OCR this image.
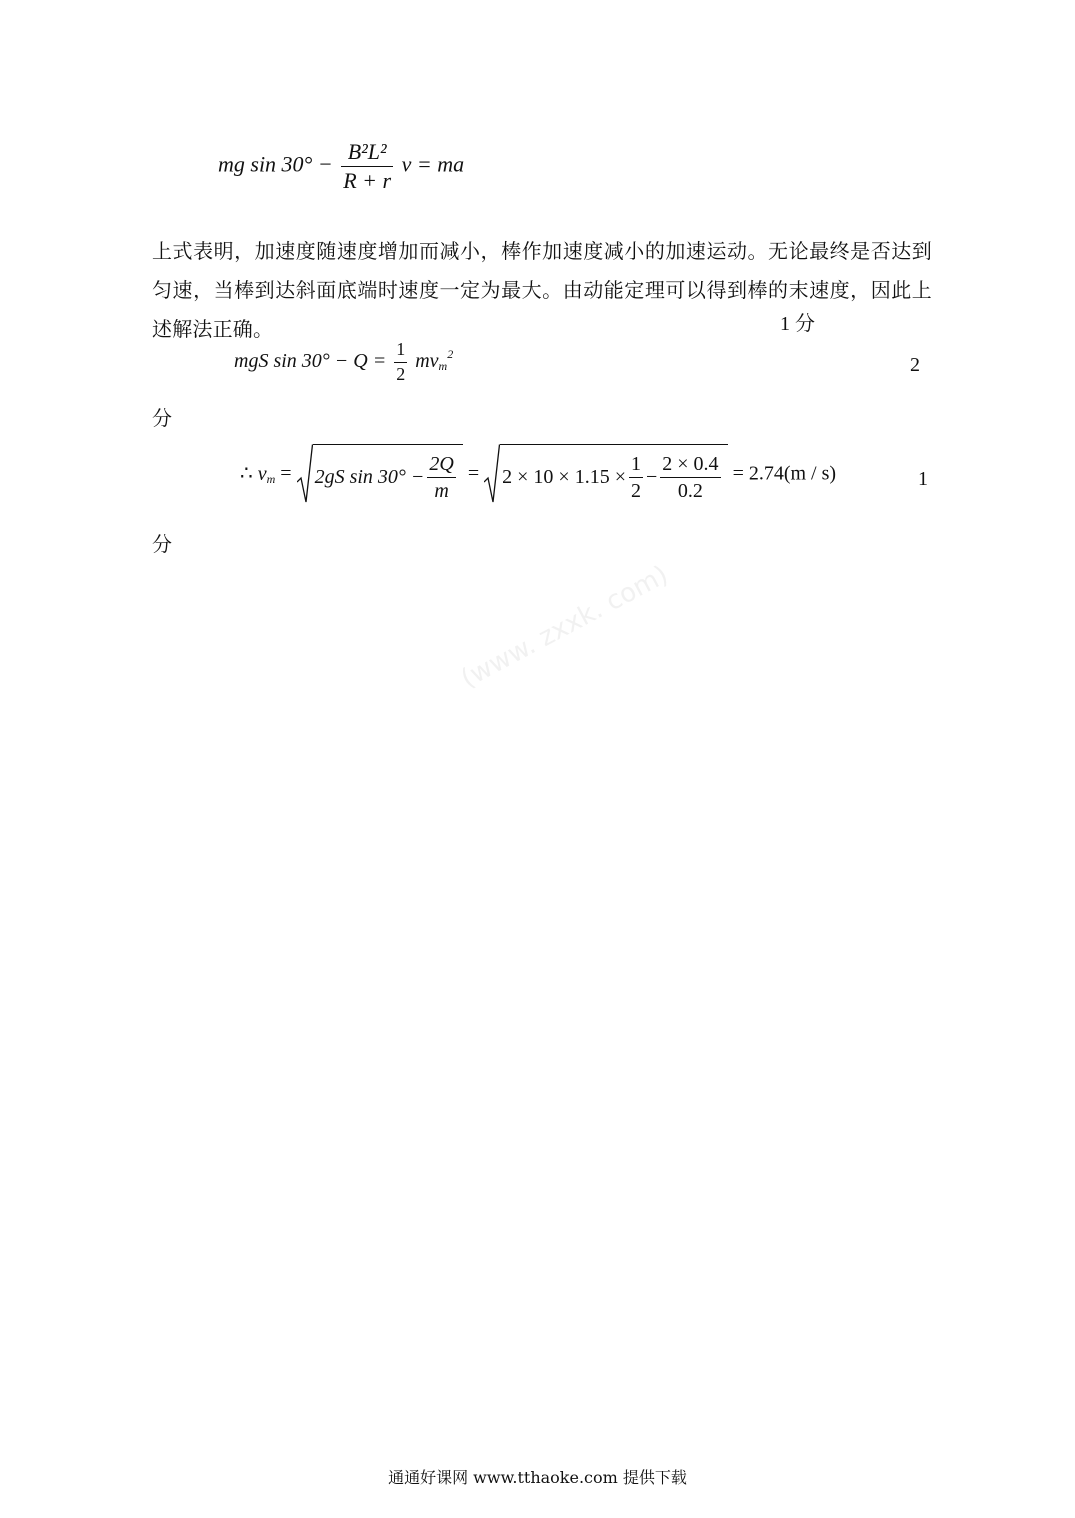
mg $\sin 30^\circ - \frac{\text{B²L²}}{R + r}$ v = ma
上式表明，加速度随速度增加而减小，棒作加速度减小的加速运动。无论最终是否达到匀速，当棒到达斜面底端时速度一定为最大。由动能定理可以得到棒的末速度，因此上述解法正确。	1 分
mgS $\sin 30^\circ - Q = \frac{1}{2} mv_m^2$
2
分
∴ $v_m = 2gS$ $\sin 30^\circ - \frac{2Q}{m} = 2 \times 10 \times 1.15 \times \frac{1}{2} - \frac{2 \times 0.4}{0.2} = 2.74(m / s)$	1
分
(www. zxxk. com)
通通好课网 www.tthaoke.com 提供下载
